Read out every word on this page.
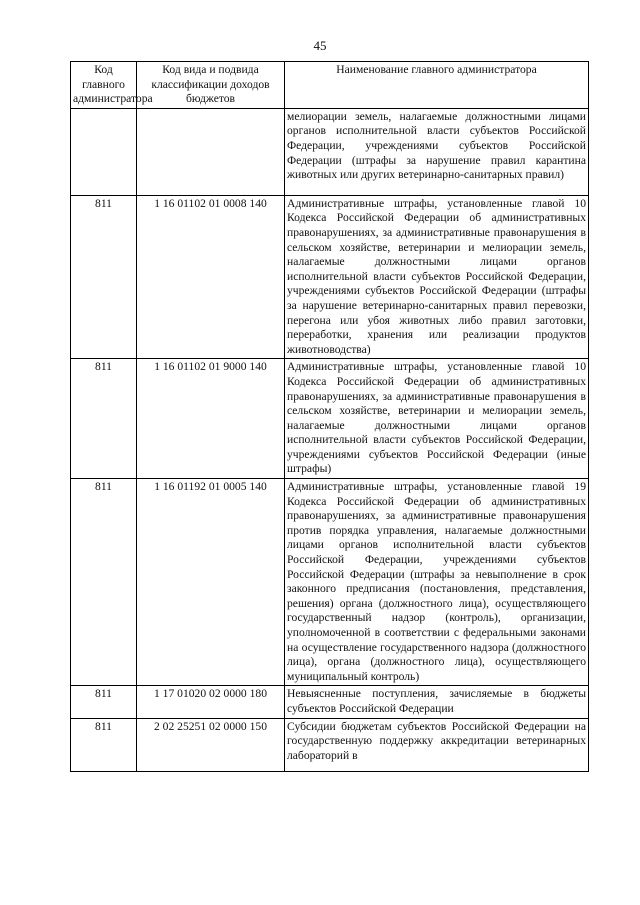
45
Код главного администратора	Код вида и подвида классификации доходов бюджетов	Наименование главного администратора
		мелиорации земель, налагаемые должностными лицами органов исполнительной власти субъектов Российской Федерации, учреждениями субъектов Российской Федерации (штрафы за нарушение правил карантина животных или других ветеринарно-санитарных правил)
811	1 16 01102 01 0008 140	Административные штрафы, установленные главой 10 Кодекса Российской Федерации об административных правонарушениях, за административные правонарушения в сельском хозяйстве, ветеринарии и мелиорации земель, налагаемые должностными лицами органов исполнительной власти субъектов Российской Федерации, учреждениями субъектов Российской Федерации (штрафы за нарушение ветеринарно-санитарных правил перевозки, перегона или убоя животных либо правил заготовки, переработки, хранения или реализации продуктов животноводства)
811	1 16 01102 01 9000 140	Административные штрафы, установленные главой 10 Кодекса Российской Федерации об административных правонарушениях, за административные правонарушения в сельском хозяйстве, ветеринарии и мелиорации земель, налагаемые должностными лицами органов исполнительной власти субъектов Российской Федерации, учреждениями субъектов Российской Федерации (иные штрафы)
811	1 16 01192 01 0005 140	Административные штрафы, установленные главой 19 Кодекса Российской Федерации об административных правонарушениях, за административные правонарушения против порядка управления, налагаемые должностными лицами органов исполнительной власти субъектов Российской Федерации, учреждениями субъектов Российской Федерации (штрафы за невыполнение в срок законного предписания (постановления, представления, решения) органа (должностного лица), осуществляющего государственный надзор (контроль), организации, уполномоченной в соответствии с федеральными законами на осуществление государственного надзора (должностного лица), органа (должностного лица), осуществляющего муниципальный контроль)
811	1 17 01020 02 0000 180	Невыясненные поступления, зачисляемые в бюджеты субъектов Российской Федерации
811	2 02 25251 02 0000 150	Субсидии бюджетам субъектов Российской Федерации на государственную поддержку аккредитации ветеринарных лабораторий в
